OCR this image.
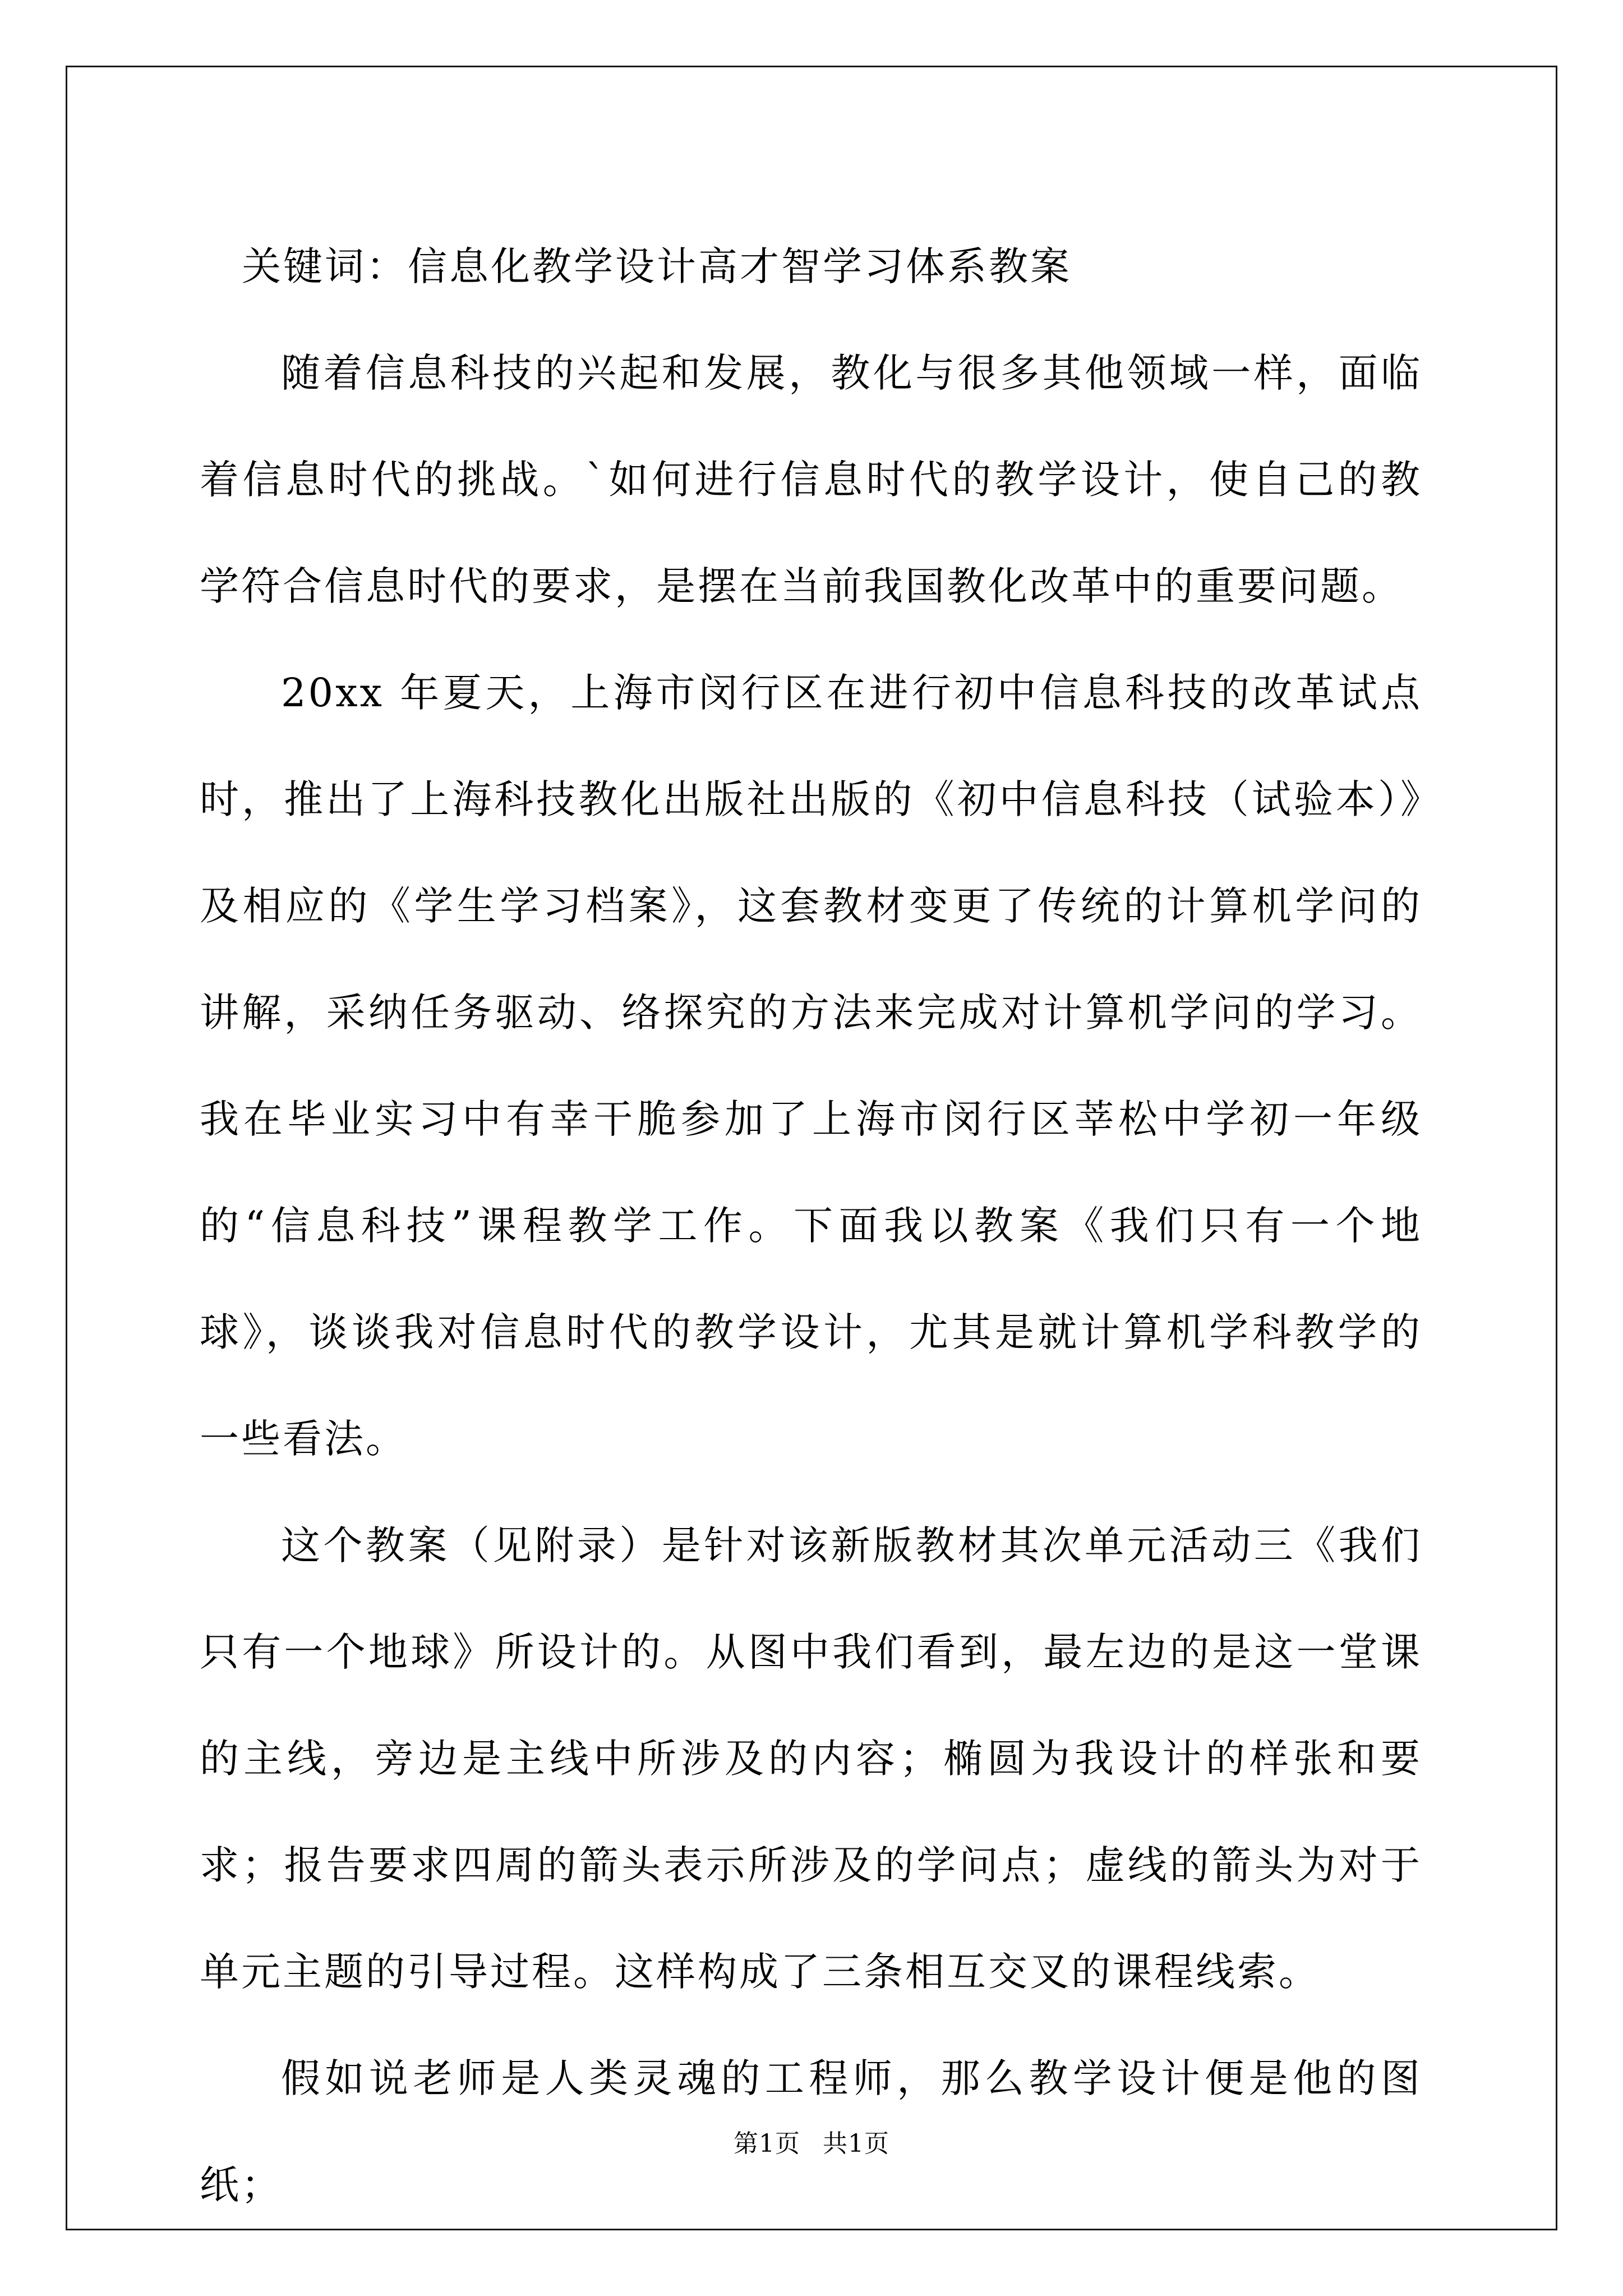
关键词：信息化教学设计高才智学习体系教案

随着信息科技的兴起和发展，教化与很多其他领域一样，面临着信息时代的挑战。`如何进行信息时代的教学设计，使自己的教学符合信息时代的要求，是摆在当前我国教化改革中的重要问题。

20xx 年夏天，上海市闵行区在进行初中信息科技的改革试点时，推出了上海科技教化出版社出版的《初中信息科技（试验本）》及相应的《学生学习档案》，这套教材变更了传统的计算机学问的讲解，采纳任务驱动、络探究的方法来完成对计算机学问的学习。我在毕业实习中有幸干脆参加了上海市闵行区莘松中学初一年级的“信息科技”课程教学工作。下面我以教案《我们只有一个地球》，谈谈我对信息时代的教学设计，尤其是就计算机学科教学的一些看法。

这个教案（见附录）是针对该新版教材其次单元活动三《我们只有一个地球》所设计的。从图中我们看到，最左边的是这一堂课的主线，旁边是主线中所涉及的内容；椭圆为我设计的样张和要求；报告要求四周的箭头表示所涉及的学问点；虚线的箭头为对于单元主题的引导过程。这样构成了三条相互交叉的课程线索。

假如说老师是人类灵魂的工程师，那么教学设计便是他的图纸；

第1页 共1页
